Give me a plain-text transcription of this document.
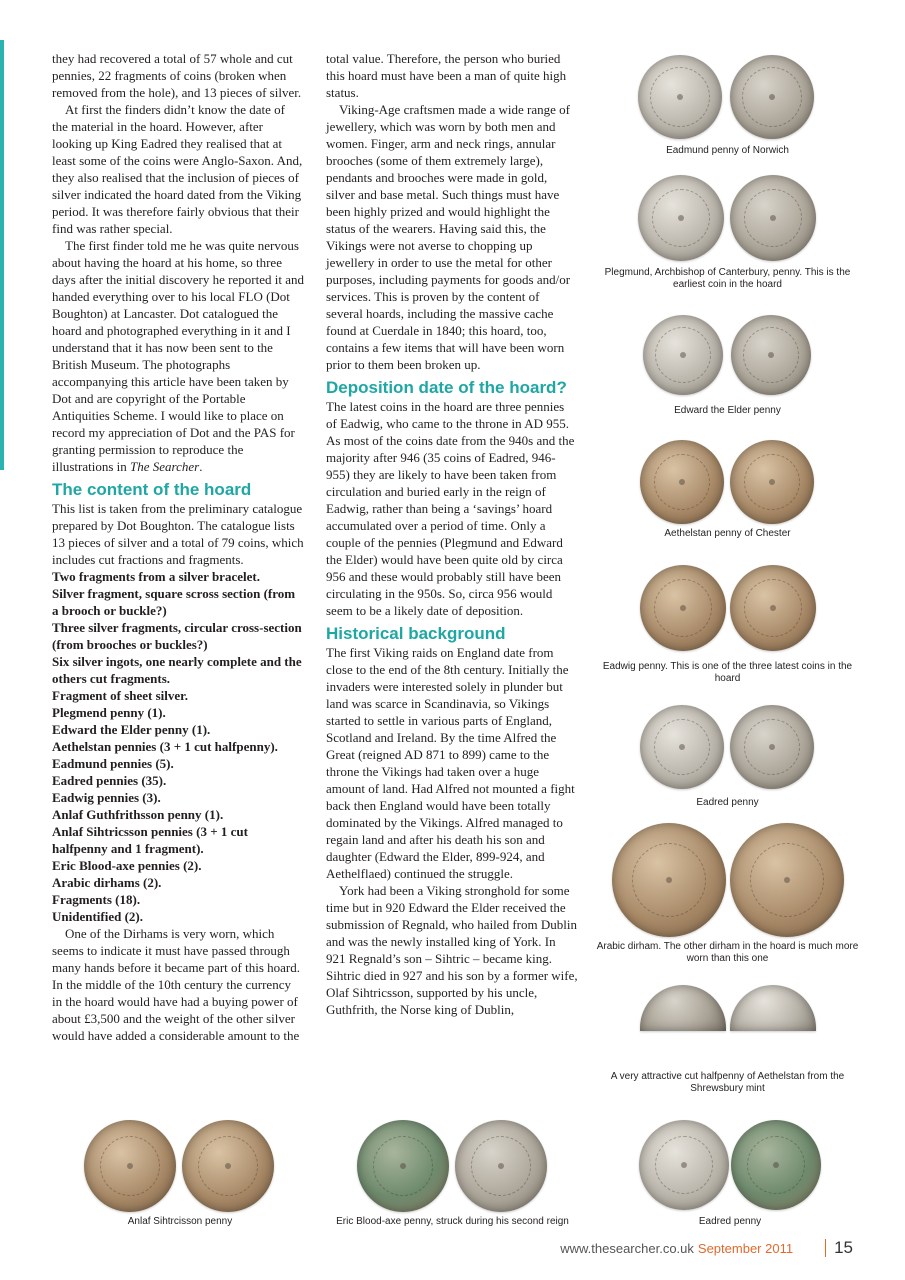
they had recovered a total of 57 whole and cut pennies, 22 fragments of coins (broken when removed from the hole), and 13 pieces of silver.

At first the finders didn’t know the date of the material in the hoard. However, after looking up King Eadred they realised that at least some of the coins were Anglo-Saxon. And, they also realised that the inclusion of pieces of silver indicated the hoard dated from the Viking period. It was therefore fairly obvious that their find was rather special.

The first finder told me he was quite nervous about having the hoard at his home, so three days after the initial discovery he reported it and handed everything over to his local FLO (Dot Boughton) at Lancaster. Dot catalogued the hoard and photographed everything in it and I understand that it has now been sent to the British Museum. The photographs accompanying this article have been taken by Dot and are copyright of the Portable Antiquities Scheme. I would like to place on record my appreciation of Dot and the PAS for granting permission to reproduce the illustrations in The Searcher.

The content of the hoard

This list is taken from the preliminary catalogue prepared by Dot Boughton. The catalogue lists 13 pieces of silver and a total of 79 coins, which includes cut fractions and fragments.

Two fragments from a silver bracelet.
Silver fragment, square scross section (from a brooch or buckle?)
Three silver fragments, circular cross-section (from brooches or buckles?)
Six silver ingots, one nearly complete and the others cut fragments.
Fragment of sheet silver.
Plegmend penny (1).
Edward the Elder penny (1).
Aethelstan pennies (3 + 1 cut halfpenny).
Eadmund pennies (5).
Eadred pennies (35).
Eadwig pennies (3).
Anlaf Guthfrithsson penny (1).
Anlaf Sihtricsson pennies (3 + 1 cut halfpenny and 1 fragment).
Eric Blood-axe pennies (2).
Arabic dirhams (2).
Fragments (18).
Unidentified (2).

One of the Dirhams is very worn, which seems to indicate it must have passed through many hands before it became part of this hoard. In the middle of the 10th century the currency in the hoard would have had a buying power of about £3,500 and the weight of the other silver would have added a considerable amount to the

total value. Therefore, the person who buried this hoard must have been a man of quite high status.

Viking-Age craftsmen made a wide range of jewellery, which was worn by both men and women. Finger, arm and neck rings, annular brooches (some of them extremely large), pendants and brooches were made in gold, silver and base metal. Such things must have been highly prized and would highlight the status of the wearers. Having said this, the Vikings were not averse to chopping up jewellery in order to use the metal for other purposes, including payments for goods and/or services. This is proven by the content of several hoards, including the massive cache found at Cuerdale in 1840; this hoard, too, contains a few items that will have been worn prior to them been broken up.

Deposition date of the hoard?

The latest coins in the hoard are three pennies of Eadwig, who came to the throne in AD 955. As most of the coins date from the 940s and the majority after 946 (35 coins of Eadred, 946-955) they are likely to have been taken from circulation and buried early in the reign of Eadwig, rather than being a ‘savings’ hoard accumulated over a period of time. Only a couple of the pennies (Plegmund and Edward the Elder) would have been quite old by circa 956 and these would probably still have been circulating in the 950s. So, circa 956 would seem to be a likely date of deposition.

Historical background

The first Viking raids on England date from close to the end of the 8th century. Initially the invaders were interested solely in plunder but land was scarce in Scandinavia, so Vikings started to settle in various parts of England, Scotland and Ireland. By the time Alfred the Great (reigned AD 871 to 899) came to the throne the Vikings had taken over a huge amount of land. Had Alfred not mounted a fight back then England would have been totally dominated by the Vikings. Alfred managed to regain land and after his death his son and daughter (Edward the Elder, 899-924, and Aethelflaed) continued the struggle.

York had been a Viking stronghold for some time but in 920 Edward the Elder received the submission of Regnald, who hailed from Dublin and was the newly installed king of York. In 921 Regnald’s son – Sihtric – became king. Sihtric died in 927 and his son by a former wife, Olaf Sihtricsson, supported by his uncle, Guthfrith, the Norse king of Dublin,

Eadmund penny of Norwich
Plegmund, Archbishop of Canterbury, penny. This is the earliest coin in the hoard
Edward the Elder penny
Aethelstan penny of Chester
Eadwig penny. This is one of the three latest coins in the hoard
Eadred penny
Arabic dirham. The other dirham in the hoard is much more worn than this one
A very attractive cut halfpenny of Aethelstan from the Shrewsbury mint
Anlaf Sihtrcisson penny	Eric Blood-axe penny, struck during his second reign	Eadred penny
www.thesearcher.co.uk September 2011 15
